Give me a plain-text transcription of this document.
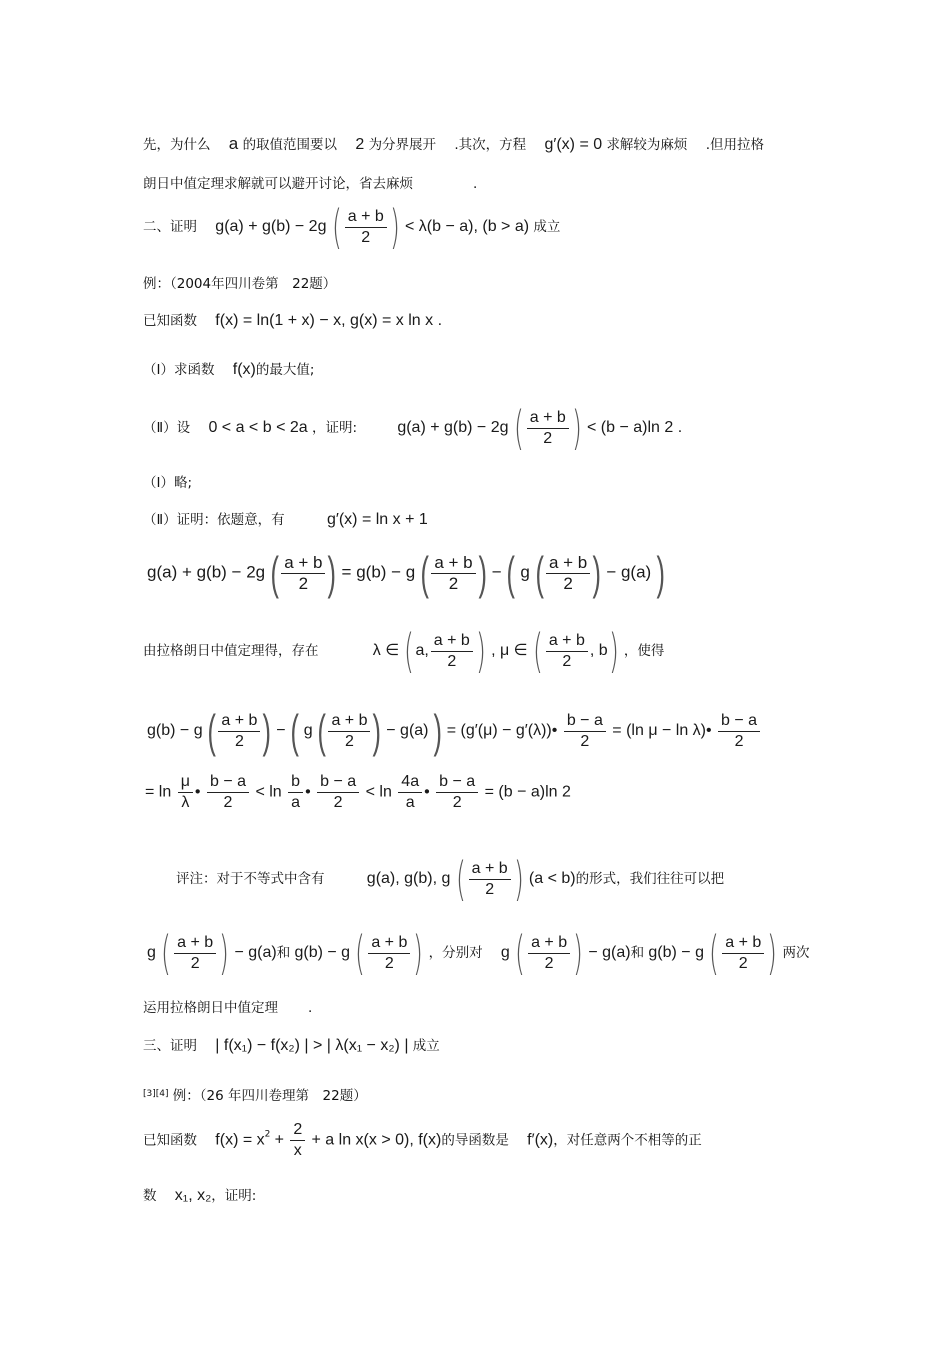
先，为什么 a 的取值范围要以 2 为分界展开 .其次，方程 g′(x) = 0 求解较为麻烦 .但用拉格
朗日中值定理求解就可以避开讨论，省去麻烦	.
二、证明 g(a) + g(b) − 2g ( $\frac{a + b}{2}$ ) < λ(b − a), (b > a) 成立
例：（2004年四川卷第　22题）
已知函数 f(x) = ln(1 + x) − x, g(x) = x ln x .
（Ⅰ）求函数 f(x)的最大值;
（Ⅱ）设 0 < a < b < 2a ，证明:	g(a) + g(b) − 2g ( $\frac{a + b}{2}$ ) < (b − a)ln 2 .
（Ⅰ）略;
（Ⅱ）证明：依题意，有	g′(x) = ln x + 1
g(a) + g(b) − 2g ( $\frac{a + b}{2}$ ) = g(b) − g ( $\frac{a + b}{2}$ ) − ( g ( $\frac{a + b}{2}$ ) − g(a) )
由拉格朗日中值定理得，存在	λ ∈ (a, $\frac{a + b}{2}$ ) , μ ∈ ( $\frac{a + b}{2}$ , b) ，使得
g(b) − g ( $\frac{a + b}{2}$ ) − ( g ( $\frac{a + b}{2}$ ) − g(a) ) = (g′(μ) − g′(λ))• $\frac{b - a}{2} = (\ln$ μ − ln λ)• $\frac{b - a}{2}$
= $\ln \frac{\mu}{\lambda}$ • $\frac{b - a}{2} < \ln \frac{b}{a}$ • $\frac{b - a}{2} < \ln \frac{4a}{a}$ • $\frac{b - a}{2} = (b - a)\ln$ 2
评注：对于不等式中含有	g(a), g(b), g ( $\frac{a + b}{2}$ ) (a < b)的形式，我们往往可以把
g ( $\frac{a + b}{2}$ ) − g(a)和 g(b) − g ( $\frac{a + b}{2}$ ) ，分别对 g ( $\frac{a + b}{2}$ ) − g(a)和 g(b) − g ( $\frac{a + b}{2}$ ) 两次
运用拉格朗日中值定理 .
三、证明 | f(x₁) − f(x₂) | > | λ(x₁ − x₂) | 成立
[3][4] 例：（26 年四川卷理第　22题）
已知函数 $f(x) = x^2 + \frac{2}{x} + a$ ln x(x > 0), f(x)的导函数是 f′(x)，对任意两个不相等的正
数 x₁, x₂，证明:
